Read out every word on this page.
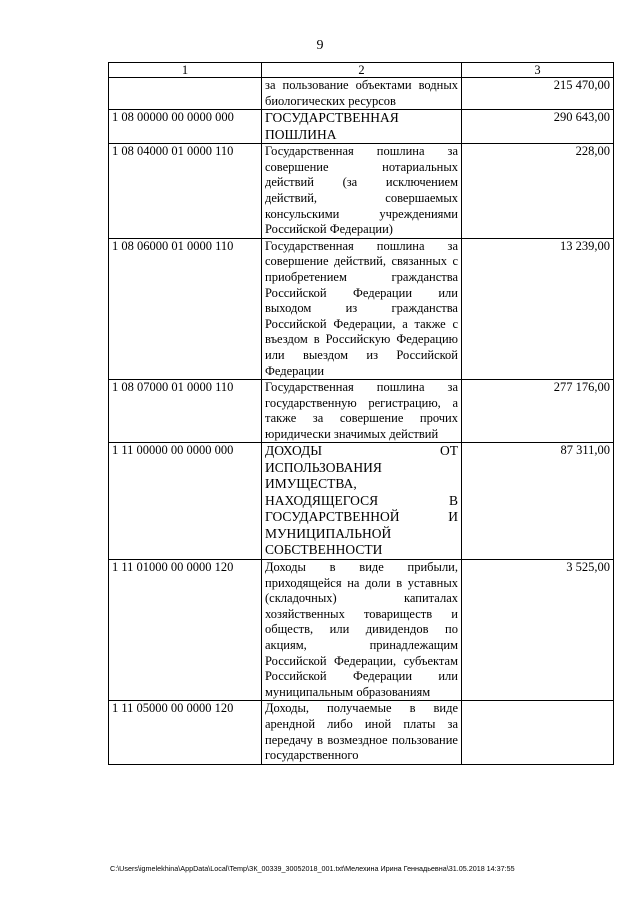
9
1	2	3
	за пользование объектами водных биологических ресурсов	215 470,00
1 08 00000 00 0000 000	ГОСУДАРСТВЕННАЯ ПОШЛИНА	290 643,00
1 08 04000 01 0000 110	Государственная пошлина за совершение нотариальных действий (за исключением действий, совершаемых консульскими учреждениями Российской Федерации)	228,00
1 08 06000 01 0000 110	Государственная пошлина за совершение действий, связанных с приобретением гражданства Российской Федерации или выходом из гражданства Российской Федерации, а также с въездом в Российскую Федерацию или выездом из Российской Федерации	13 239,00
1 08 07000 01 0000 110	Государственная пошлина за государственную регистрацию, а также за совершение прочих юридически значимых действий	277 176,00
1 11 00000 00 0000 000	ДОХОДЫ ОТ ИСПОЛЬЗОВАНИЯ ИМУЩЕСТВА, НАХОДЯЩЕГОСЯ В ГОСУДАРСТВЕННОЙ И МУНИЦИПАЛЬНОЙ СОБСТВЕННОСТИ	87 311,00
1 11 01000 00 0000 120	Доходы в виде прибыли, приходящейся на доли в уставных (складочных) капиталах хозяйственных товариществ и обществ, или дивидендов по акциям, принадлежащим Российской Федерации, субъектам Российской Федерации или муниципальным образованиям	3 525,00
1 11 05000 00 0000 120	Доходы, получаемые в виде арендной либо иной платы за передачу в возмездное пользование государственного	
C:\Users\igmelekhina\AppData\Local\Temp\ЗК_00339_30052018_001.txt\Мелехина Ирина Геннадьевна\31.05.2018 14:37:55
